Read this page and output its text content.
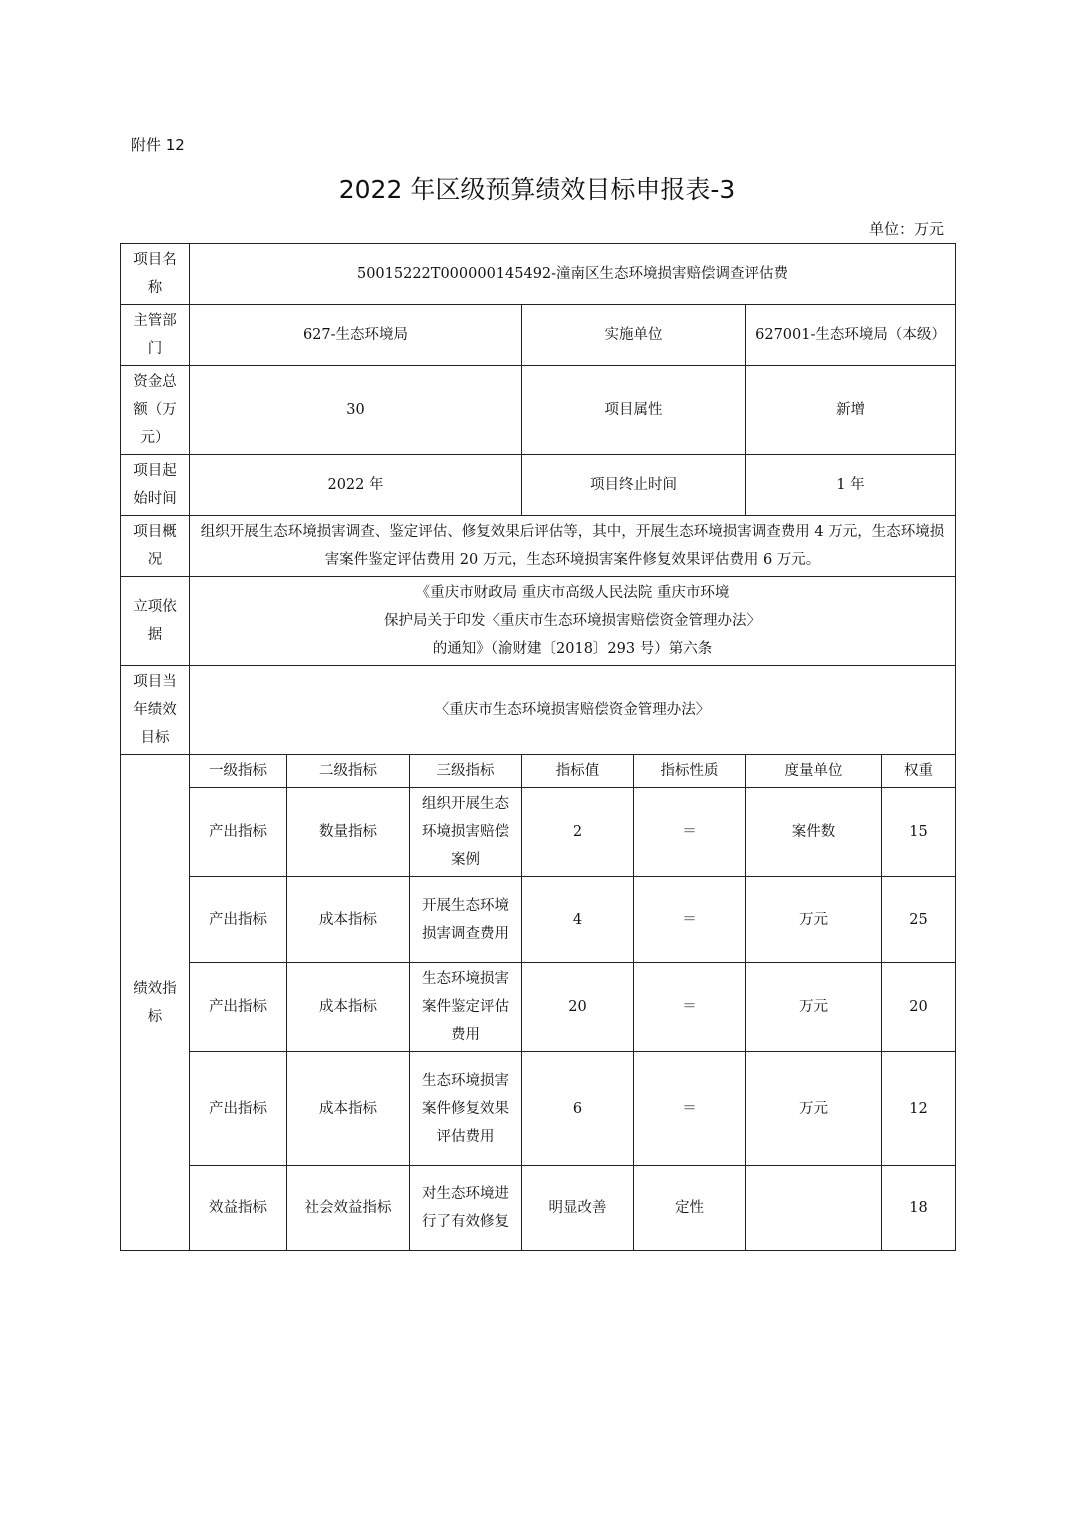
附件 12
2022 年区级预算绩效目标申报表-3
单位：万元
项目名称	50015222T000000145492-潼南区生态环境损害赔偿调查评估费						
主管部门	627-生态环境局			实施单位		627001-生态环境局（本级）	
资金总额（万元）	30			项目属性		新增	
项目起始时间	2022 年			项目终止时间		1 年	
项目概况	组织开展生态环境损害调查、鉴定评估、修复效果后评估等，其中，开展生态环境损害调查费用 4 万元，生态环境损害案件鉴定评估费用 20 万元，生态环境损害案件修复效果评估费用 6 万元。						
立项依据	《重庆市财政局 重庆市高级人民法院 重庆市环境
保护局关于印发〈重庆市生态环境损害赔偿资金管理办法〉
的通知》（渝财建〔2018〕293 号）第六条						

项目当年绩效目标	〈重庆市生态环境损害赔偿资金管理办法〉						
绩效指标	一级指标	二级指标	三级指标	指标值	指标性质	度量单位	权重
	产出指标	数量指标	组织开展生态环境损害赔偿案例	2	＝	案件数	15
	产出指标	成本指标	开展生态环境损害调查费用	4	＝	万元	25
	产出指标	成本指标	生态环境损害案件鉴定评估费用	20	＝	万元	20
	产出指标	成本指标	生态环境损害案件修复效果评估费用	6	＝	万元	12
	效益指标	社会效益指标	对生态环境进行了有效修复	明显改善	定性		18
